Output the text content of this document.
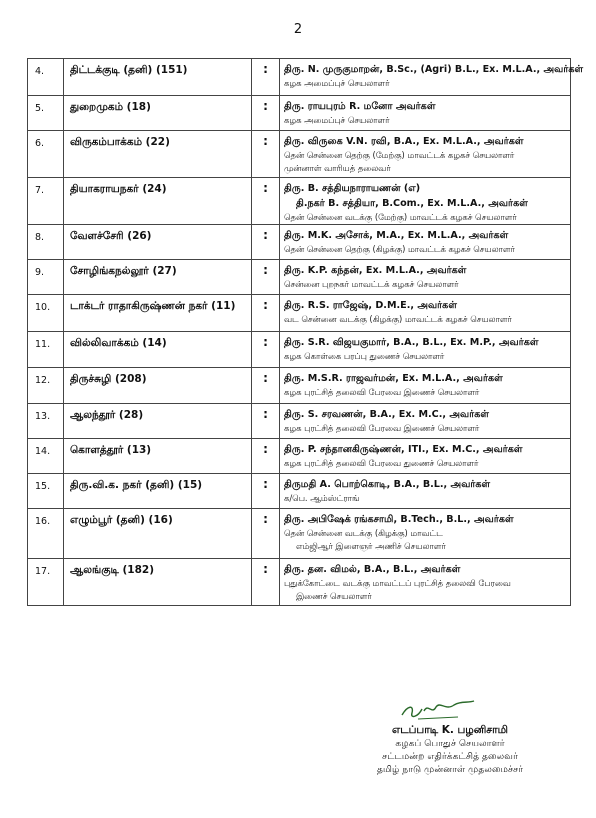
2
4.	திட்டக்குடி (தனி) (151)	:	திரு. N. முருகுமாறன், B.Sc., (Agri) B.L., Ex. M.L.A., அவர்கள்
கழக அமைப்புச் செயலாளர்

5.	துறைமுகம் (18)	:	திரு. ராயபுரம் R. மனோ அவர்கள்
கழக அமைப்புச் செயலாளர்

6.	விருகம்பாக்கம் (22)	:	திரு. விருகை V.N. ரவி, B.A., Ex. M.L.A., அவர்கள்
தென் சென்னை தெற்கு (மேற்கு) மாவட்டக் கழகச் செயலாளர்
முன்னாள் வாரியத் தலைவர்

7.	தியாகராயநகர் (24)	:	திரு. B. சத்தியநாராயணன் (எ)
தி.நகர் B. சத்தியா, B.Com., Ex. M.L.A., அவர்கள்
தென் சென்னை வடக்கு (மேற்கு) மாவட்டக் கழகச் செயலாளர்

8.	வேளச்சேரி (26)	:	திரு. M.K. அசோக், M.A., Ex. M.L.A., அவர்கள்
தென் சென்னை தெற்கு (கிழக்கு) மாவட்டக் கழகச் செயலாளர்

9.	சோழிங்கநல்லூர் (27)	:	திரு. K.P. கந்தன், Ex. M.L.A., அவர்கள்
சென்னை புறநகர் மாவட்டக் கழகச் செயலாளர்

10.	டாக்டர் ராதாகிருஷ்ணன் நகர் (11)	:	திரு. R.S. ராஜேஷ், D.M.E., அவர்கள்
வட சென்னை வடக்கு (கிழக்கு) மாவட்டக் கழகச் செயலாளர்

11.	வில்லிவாக்கம் (14)	:	திரு. S.R. விஜயகுமார், B.A., B.L., Ex. M.P., அவர்கள்
கழக கொள்கை பரப்பு துணைச் செயலாளர்

12.	திருச்சுழி (208)	:	திரு. M.S.R. ராஜவர்மன், Ex. M.L.A., அவர்கள்
கழக புரட்சித் தலைவி பேரவை இணைச் செயலாளர்

13.	ஆலந்தூர் (28)	:	திரு. S. சரவணன், B.A., Ex. M.C., அவர்கள்
கழக புரட்சித் தலைவி பேரவை இணைச் செயலாளர்

14.	கொளத்தூர் (13)	:	திரு. P. சந்தானகிருஷ்ணன், ITI., Ex. M.C., அவர்கள்
கழக புரட்சித் தலைவி பேரவை துணைச் செயலாளர்

15.	திரு.வி.க. நகர் (தனி) (15)	:	திருமதி A. பொற்கொடி, B.A., B.L., அவர்கள்
க/பெ. ஆம்ஸ்ட்ராங்

16.	எழும்பூர் (தனி) (16)	:	திரு. அபிஷேக் ரங்கசாமி, B.Tech., B.L., அவர்கள்
தென் சென்னை வடக்கு (கிழக்கு) மாவட்ட
எம்ஜிஆர் இளைஞர் அணிச் செயலாளர்

17.	ஆலங்குடி (182)	:	திரு. தன. விமல், B.A., B.L., அவர்கள்
புதுக்கோட்டை வடக்கு மாவட்டப் புரட்சித் தலைவி பேரவை
இணைச் செயலாளர்
எடப்பாடி K. பழனிசாமி
கழகப் பொதுச் செயலாளர்
சட்டமன்ற எதிர்க்கட்சித் தலைவர்
தமிழ் நாடு முன்னாள் முதலமைச்சர்
